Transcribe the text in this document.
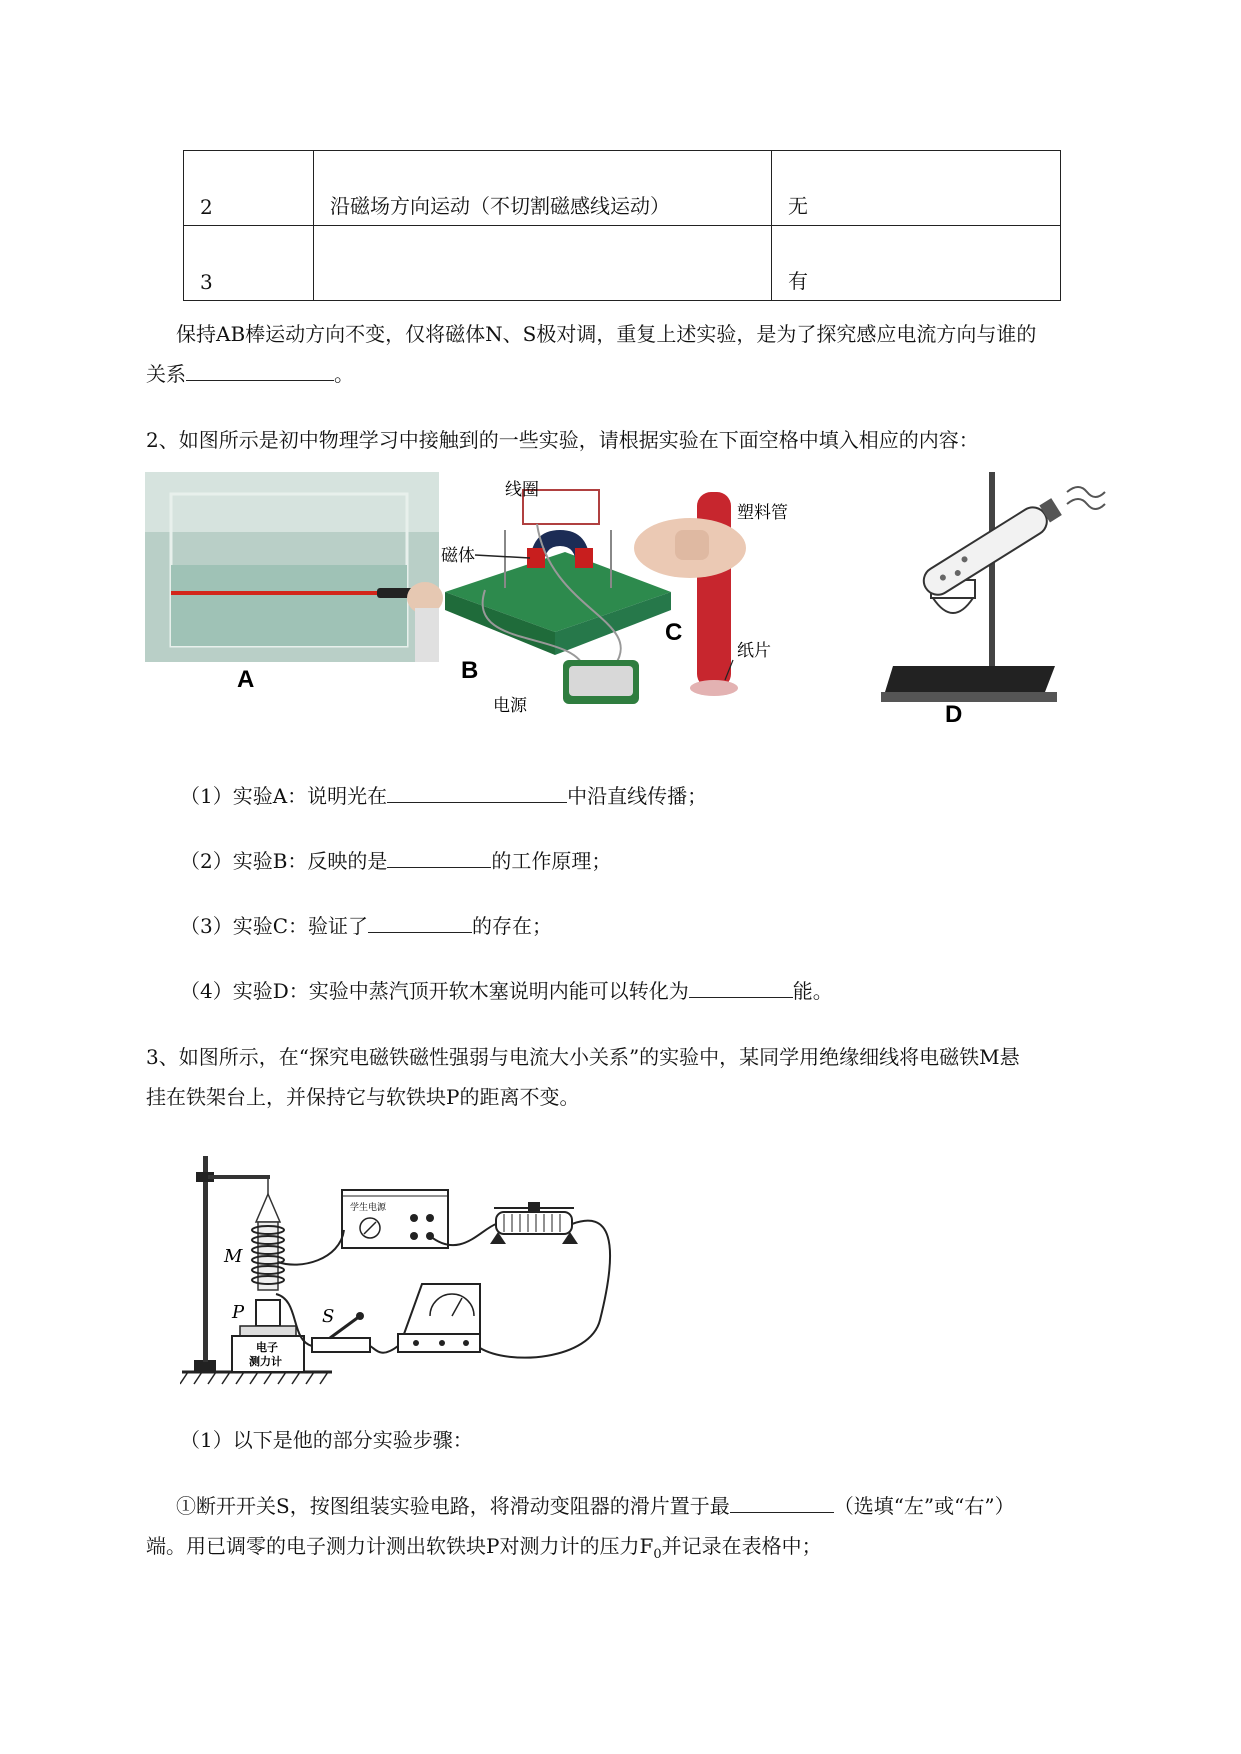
2	沿磁场方向运动（不切割磁感线运动）	无
3		有
保持AB棒运动方向不变，仅将磁体N、S极对调，重复上述实验，是为了探究感应电流方向与谁的
关系	。
2、如图所示是初中物理学习中接触到的一些实验，请根据实验在下面空格中填入相应的内容：
A
线圈
磁体
电源
B
塑料管
纸片
C
D
（1）实验A：说明光在	中沿直线传播；
（2）实验B：反映的是	的工作原理；
（3）实验C：验证了	的存在；
（4）实验D：实验中蒸汽顶开软木塞说明内能可以转化为	能。
3、如图所示，在“探究电磁铁磁性强弱与电流大小关系”的实验中，某同学用绝缘细线将电磁铁M悬
挂在铁架台上，并保持它与软铁块P的距离不变。
M
P
电子
测力计
学生电源
S
（1）以下是他的部分实验步骤：
①断开开关S，按图组装实验电路，将滑动变阻器的滑片置于最	（选填“左”或“右”）
端。用已调零的电子测力计测出软铁块P对测力计的压力$F_0$并记录在表格中；
